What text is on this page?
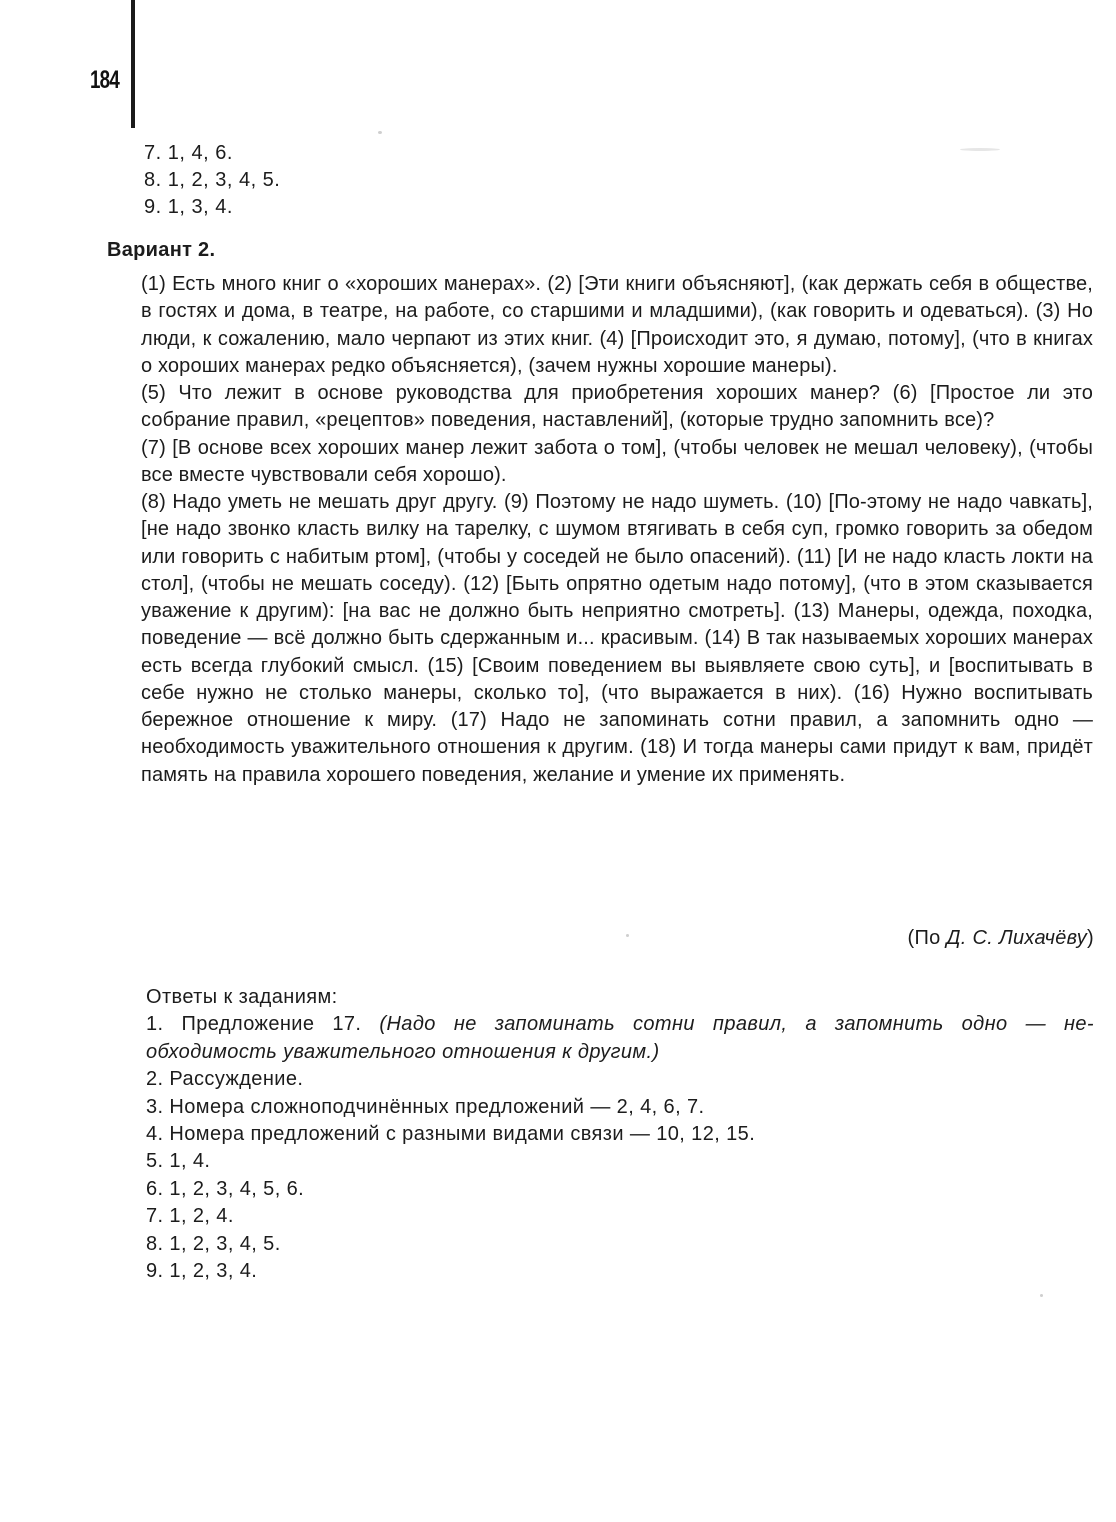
184
7. 1, 4, 6.
8. 1, 2, 3, 4, 5.
9. 1, 3, 4.
Вариант 2.

(1) Есть много книг о «хороших манерах». (2) [Эти книги объясняют], (как держать себя в обществе, в гостях и дома, в театре, на работе, со старшими и младшими), (как говорить и одеваться). (3) Но люди, к сожалению, мало черпают из этих книг. (4) [Происходит это, я думаю, потому], (что в книгах о хороших манерах редко объясняется), (зачем нужны хорошие манеры).

(5) Что лежит в основе руководства для приобретения хороших манер? (6) [Простое ли это собрание правил, «рецептов» поведения, наставлений], (которые трудно запомнить все)?

(7) [В основе всех хороших манер лежит забота о том], (чтобы человек не мешал человеку), (чтобы все вместе чувствовали себя хорошо).

(8) Надо уметь не мешать друг другу. (9) Поэтому не надо шуметь. (10) [По-этому не надо чавкать], [не надо звонко класть вилку на тарелку, с шумом втягивать в себя суп, громко говорить за обедом или говорить с набитым ртом], (чтобы у соседей не было опасений). (11) [И не надо класть локти на стол], (чтобы не мешать соседу). (12) [Быть опрятно одетым надо потому], (что в этом сказывается уважение к другим): [на вас не должно быть неприятно смотреть]. (13) Манеры, одежда, походка, поведение — всё должно быть сдержанным и... красивым. (14) В так называемых хороших манерах есть всегда глубокий смысл. (15) [Своим поведением вы выявляете свою суть], и [воспитывать в себе нужно не столько манеры, сколько то], (что выражается в них). (16) Нужно воспитывать бережное отношение к миру. (17) Надо не запоминать сотни правил, а запомнить одно — необходимость уважительного отношения к другим. (18) И тогда манеры сами придут к вам, придёт память на правила хорошего поведения, желание и умение их применять.

(По Д. С. Лихачёву)
Ответы к заданиям:
1. Предложение 17. (Надо не запоминать сотни правил, а запомнить одно — не-
обходимость уважительного отношения к другим.)
2. Рассуждение.
3. Номера сложноподчинённых предложений — 2, 4, 6, 7.
4. Номера предложений с разными видами связи — 10, 12, 15.
5. 1, 4.
6. 1, 2, 3, 4, 5, 6.
7. 1, 2, 4.
8. 1, 2, 3, 4, 5.
9. 1, 2, 3, 4.
